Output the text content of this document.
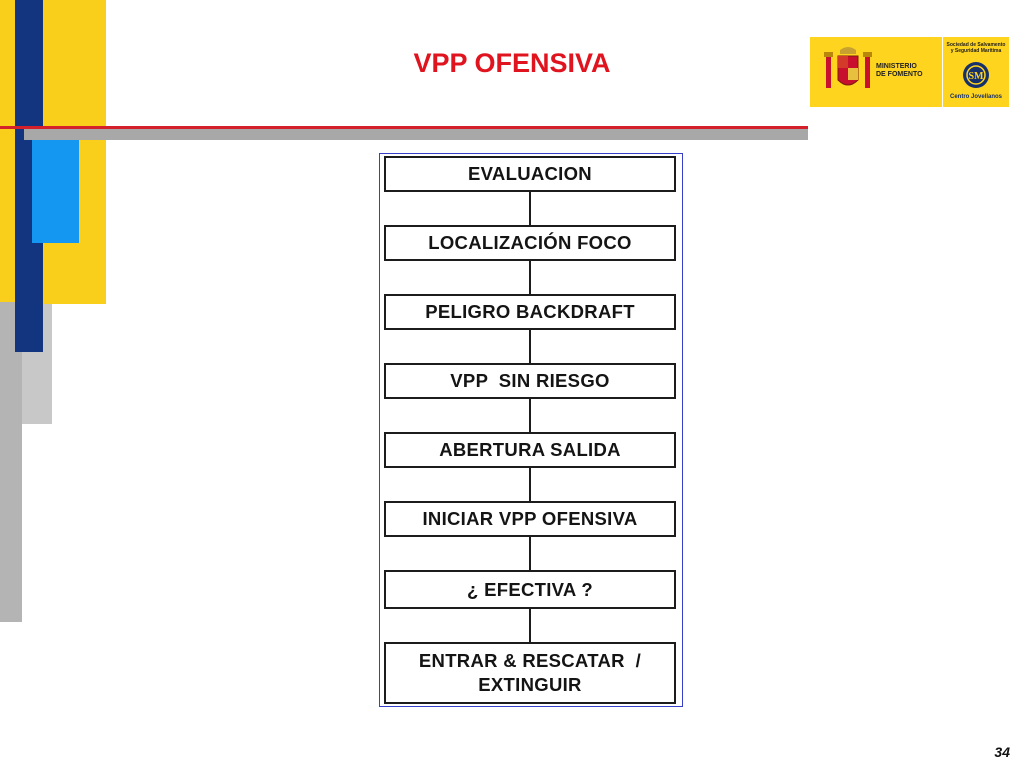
VPP OFENSIVA	MINISTERIO
DE FOMENTO
Sociedad de Salvamento
y Seguridad Marítima
SM
Centro Jovellanos
EVALUACION
LOCALIZACIÓN FOCO
PELIGRO BACKDRAFT
VPP  SIN RIESGO
ABERTURA SALIDA
INICIAR VPP OFENSIVA
¿ EFECTIVA ?
ENTRAR & RESCATAR  /
EXTINGUIR
34
